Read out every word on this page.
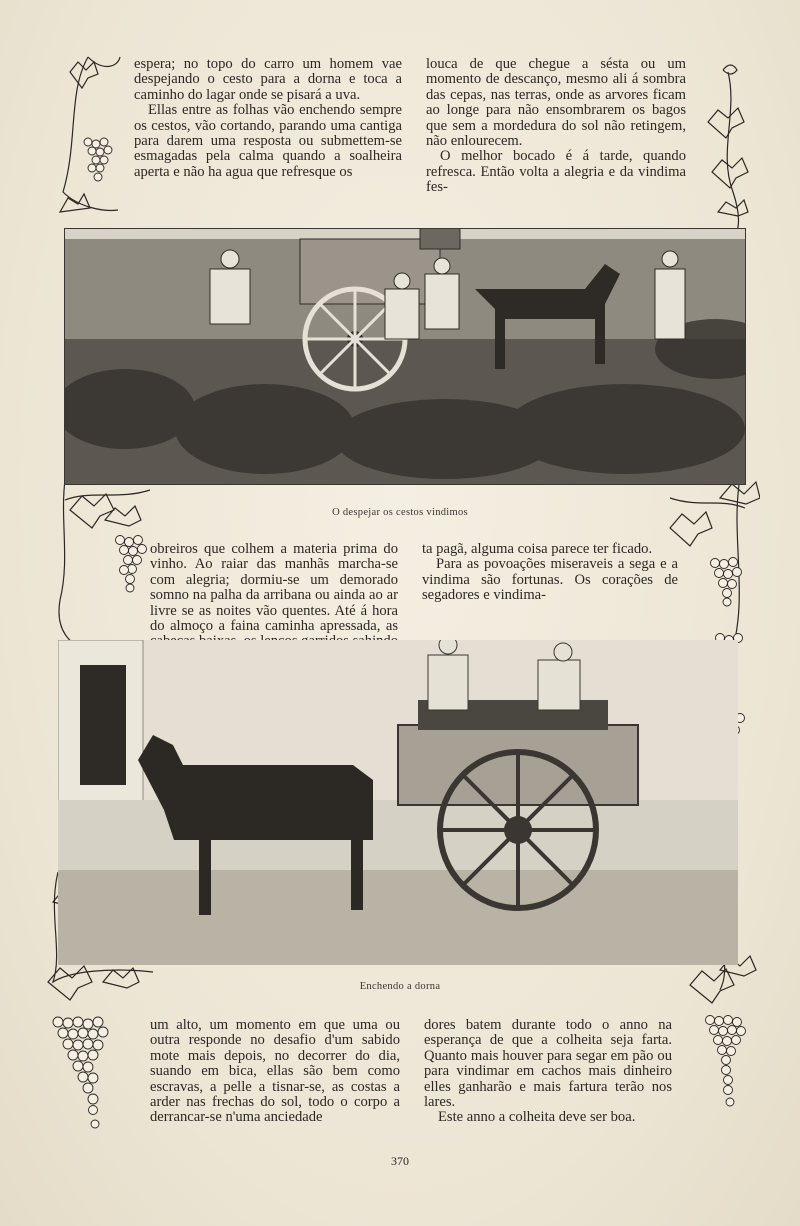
espera; no topo do carro um homem vae despejando o cesto para a dorna e toca a caminho do lagar onde se pisará a uva.

Ellas entre as folhas vão enchendo sempre os cestos, vão cortando, parando uma cantiga para darem uma resposta ou submettem-se esmagadas pela calma quando a soalheira aperta e não ha agua que refresque os

louca de que chegue a sésta ou um momento de descanço, mesmo ali á sombra das cepas, nas terras, onde as arvores ficam ao longe para não ensombrarem os bagos que sem a mordedura do sol não retingem, não enlourecem.

O melhor bocado é á tarde, quando refresca. Então volta a alegria e da vindima fes-

O despejar os cestos vindimos

obreiros que colhem a materia prima do vinho. Ao raiar das manhãs marcha-se com alegria; dormiu-se um demorado somno na palha da arribana ou ainda ao ar livre se as noites vão quentes. Até á hora do almoço a faina caminha apressada, as

ta pagã, alguma coisa parece ter ficado.

Para as povoações miseraveis a sega e a vindima são fortunas. Os corações de segadores e vindima-

Enchendo a dorna

um alto, um momento em que uma ou outra responde no desafio d'um sabido mote mais depois, no decorrer do dia, suando em bica, ellas são bem como escravas, a pelle a tisnar-se, as costas a arder nas frechas do sol, todo o corpo a derrancar-se n'uma anciedade

dores batem durante todo o anno na esperança de que a colheita seja farta. Quanto mais houver para segar em pão ou para vindimar em cachos mais dinheiro elles ganharão e mais fartura terão nos lares.

Este anno a colheita deve ser boa.

370
